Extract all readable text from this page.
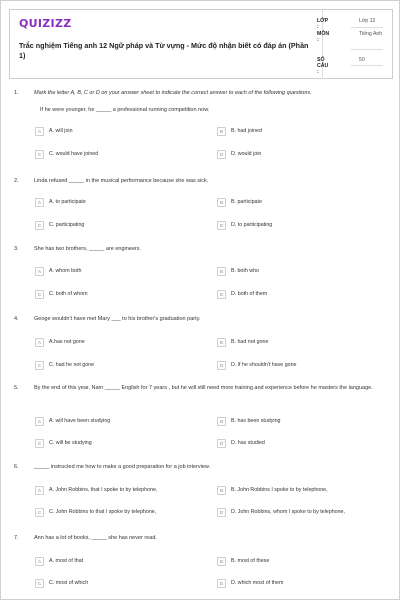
QUIZIZZ
Trắc nghiệm Tiếng anh 12 Ngữ pháp và Từ vựng - Mức độ nhận biết có đáp án (Phần 1)
LỚP :
Lớp 12
MÔN :
Tiếng Anh
SỐ CÂU :
50
1.	Mark the letter A, B, C or D on your answer sheet to indicate the correct answer to each of the following questions.
If he were younger, he _____ a professional running competition now.
A	A. will join	B	B. had joined
C	C. would have joined	D	D. would join
2.	Linda refused _____ in the musical performance because she was sick.
A	A. to participate	B	B. participate
C	C. participating	D	D. to participating
3.	She has two brothers, _____ are engineers.
A	A. whom both	B	B. both who
C	C. both of whom	D	D. both of them
4.	Geoge wouldn't have met Mary ___ to his brother's graduation party.
A	A.has not gone	B	B. had not gone
C	C. had he not gone	D	D. if he shouldn't have gone
5.	By the end of this year, Nam _____ English for 7 years , but he will still need more training and experience before he masters the language.
A	A. will have been studying	B	B. has been studying
C	C. will be studying	D	D. has studied
6.	_____ instructed me how to make a good preparation for a job interview.
A	A. John Robbins, that I spoke to by telephone,	B	B. John Robbins I spoke to by telephone,
C	C. John Robbins to that I spoke by telephone,	D	D. John Robbins, whom I spoke to by telephone,
7.	Ann has a lot of books, _____ she has never read.
A	A. most of that	B	B. most of these
C	C. most of which	D	D. which most of them
